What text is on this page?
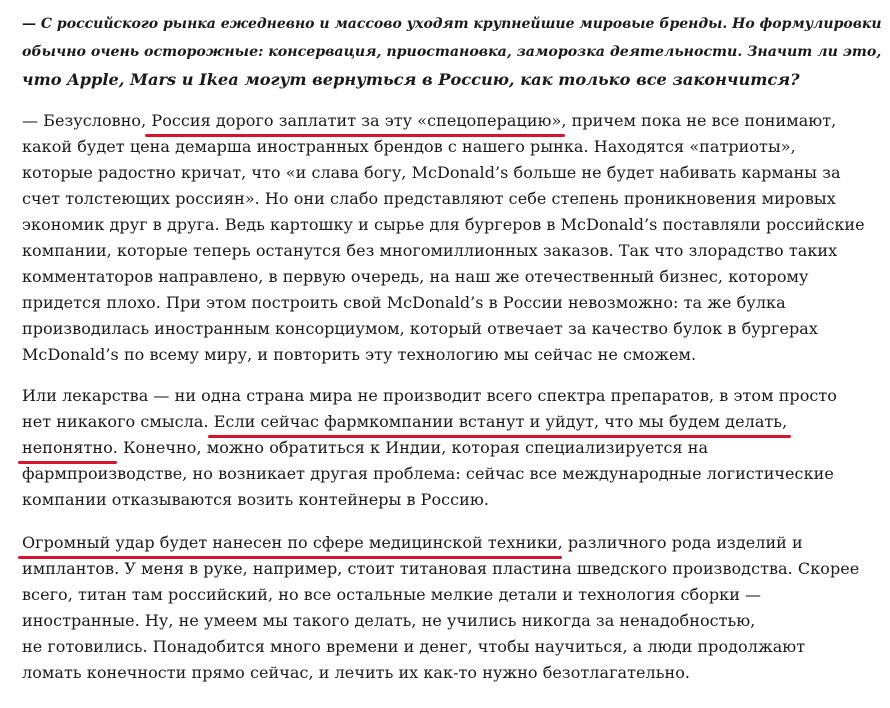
— С российского рынка ежедневно и массово уходят крупнейшие мировые бренды. Но формулировки
обычно очень осторожные: консервация, приостановка, заморозка деятельности. Значит ли это,
что Apple, Mars и Ikea могут вернуться в Россию, как только все закончится?
— Безусловно, Россия дорого заплатит за эту «спецоперацию», причем пока не все понимают,
какой будет цена демарша иностранных брендов с нашего рынка. Находятся «патриоты»,
которые радостно кричат, что «и слава богу, McDonald’s больше не будет набивать карманы за
счет толстеющих россиян». Но они слабо представляют себе степень проникновения мировых
экономик друг в друга. Ведь картошку и сырье для бургеров в McDonald’s поставляли российские
компании, которые теперь останутся без многомиллионных заказов. Так что злорадство таких
комментаторов направлено, в первую очередь, на наш же отечественный бизнес, которому
придется плохо. При этом построить свой McDonald’s в России невозможно: та же булка
производилась иностранным консорциумом, который отвечает за качество булок в бургерах
McDonald’s по всему миру, и повторить эту технологию мы сейчас не сможем.
Или лекарства — ни одна страна мира не производит всего спектра препаратов, в этом просто
нет никакого смысла. Если сейчас фармкомпании встанут и уйдут, что мы будем делать,
непонятно. Конечно, можно обратиться к Индии, которая специализируется на
фармпроизводстве, но возникает другая проблема: сейчас все международные логистические
компании отказываются возить контейнеры в Россию.
Огромный удар будет нанесен по сфере медицинской техники, различного рода изделий и
имплантов. У меня в руке, например, стоит титановая пластина шведского производства. Скорее
всего, титан там российский, но все остальные мелкие детали и технология сборки —
иностранные. Ну, не умеем мы такого делать, не учились никогда за ненадобностью,
не готовились. Понадобится много времени и денег, чтобы научиться, а люди продолжают
ломать конечности прямо сейчас, и лечить их как-то нужно безотлагательно.
